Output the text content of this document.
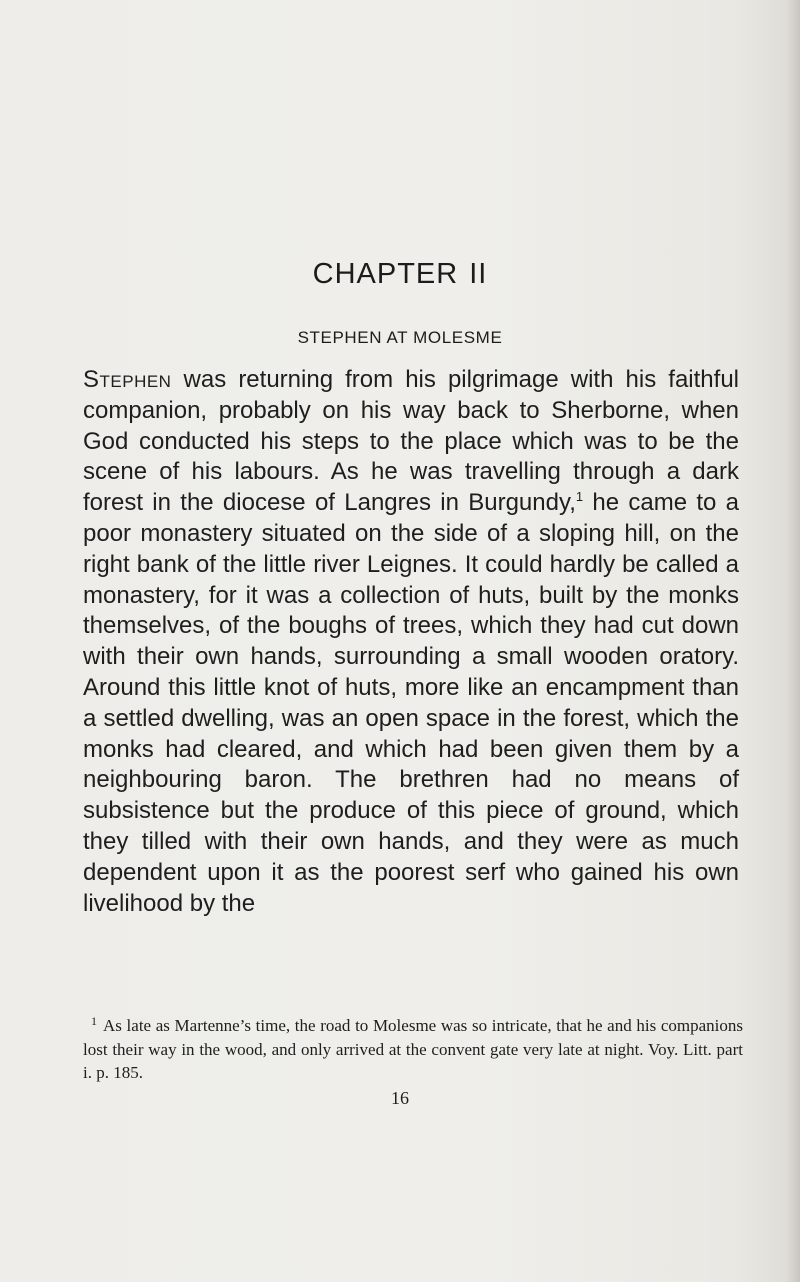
CHAPTER II
STEPHEN AT MOLESME

Stephen was returning from his pilgrimage with his faithful companion, probably on his way back to Sherborne, when God conducted his steps to the place which was to be the scene of his labours. As he was travelling through a dark forest in the diocese of Langres in Burgundy,$^1$ he came to a poor monastery situated on the side of a sloping hill, on the right bank of the little river Leignes. It could hardly be called a monastery, for it was a collection of huts, built by the monks themselves, of the boughs of trees, which they had cut down with their own hands, surrounding a small wooden oratory. Around this little knot of huts, more like an encampment than a settled dwelling, was an open space in the forest, which the monks had cleared, and which had been given them by a neighbouring baron. The brethren had no means of subsistence but the produce of this piece of ground, which they tilled with their own hands, and they were as much dependent upon it as the poorest serf who gained his own livelihood by the

$^1$ As late as Martenne’s time, the road to Molesme was so intricate, that he and his companions lost their way in the wood, and only arrived at the convent gate very late at night. Voy. Litt. part i. p. 185.

16
